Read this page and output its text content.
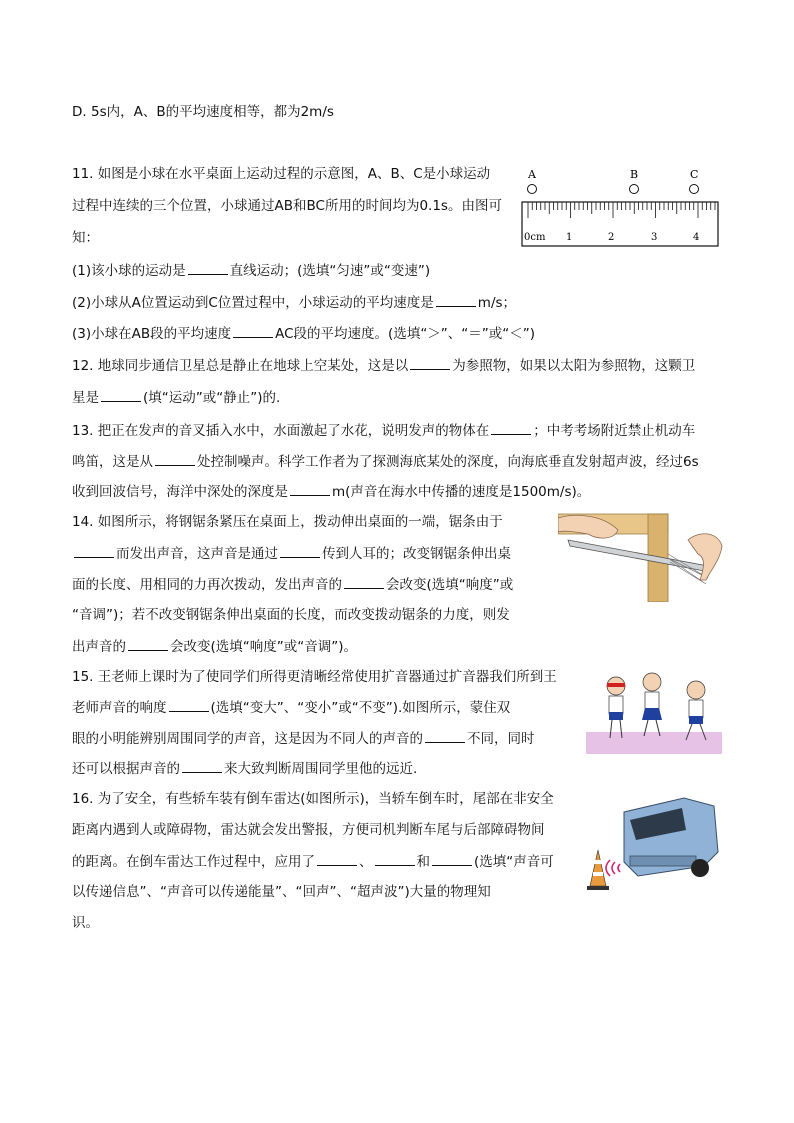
D. 5s内，A、B的平均速度相等，都为2m/s
11. 如图是小球在水平桌面上运动过程的示意图，A、B、C是小球运动
过程中连续的三个位置，小球通过AB和BC所用的时间均为0.1s。由图可
知：
(1)该小球的运动是	直线运动；(选填“匀速”或“变速”)
(2)小球从A位置运动到C位置过程中，小球运动的平均速度是	m/s；
(3)小球在AB段的平均速度	AC段的平均速度。(选填“＞”、“＝”或“＜”)
A	B	C
0cm 1	2	3	4
12. 地球同步通信卫星总是静止在地球上空某处，这是以	为参照物，如果以太阳为参照物，这颗卫
星是	(填“运动”或“静止”)的.
13. 把正在发声的音叉插入水中，水面激起了水花，说明发声的物体在	；中考考场附近禁止机动车
鸣笛，这是从	处控制噪声。科学工作者为了探测海底某处的深度，向海底垂直发射超声波，经过6s
收到回波信号，海洋中深处的深度是	m(声音在海水中传播的速度是1500m/s)。
14. 如图所示，将钢锯条紧压在桌面上，拨动伸出桌面的一端，锯条由于
而发出声音，这声音是通过	传到人耳的；改变钢锯条伸出桌
面的长度、用相同的力再次拨动，发出声音的	会改变(选填“响度”或
“音调”)；若不改变钢锯条伸出桌面的长度，而改变拨动锯条的力度，则发
出声音的	会改变(选填“响度”或“音调”)。
15. 王老师上课时为了使同学们所得更清晰经常使用扩音器通过扩音器我们所到王
老师声音的响度	(选填“变大”、“变小”或“不变”).如图所示，蒙住双
眼的小明能辨别周围同学的声音，这是因为不同人的声音的	不同，同时
还可以根据声音的	来大致判断周围同学里他的远近.
16. 为了安全，有些轿车装有倒车雷达(如图所示)，当轿车倒车时，尾部在非安全
距离内遇到人或障碍物，雷达就会发出警报，方便司机判断车尾与后部障碍物间
的距离。在倒车雷达工作过程中，应用了	、	和	(选填“声音可
以传递信息”、“声音可以传递能量”、“回声”、“超声波”)大量的物理知
识。
